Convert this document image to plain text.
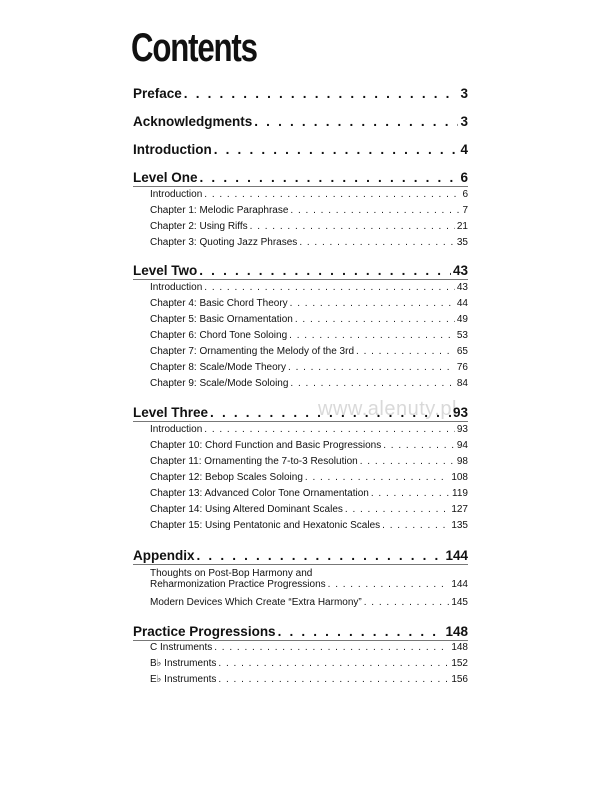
Contents
www.alenuty.pl
Preface . . .	3
Acknowledgments . . .	3
Introduction . . .	4
Level One . . .	6
Introduction . . .	6
Chapter 1: Melodic Paraphrase . . .	7
Chapter 2: Using Riffs . . .	21
Chapter 3: Quoting Jazz Phrases . . .	35
Level Two . . .	43
Introduction . . .	43
Chapter 4: Basic Chord Theory . . .	44
Chapter 5: Basic Ornamentation . . .	49
Chapter 6: Chord Tone Soloing . . .	53
Chapter 7: Ornamenting the Melody of the 3rd . . .	65
Chapter 8: Scale/Mode Theory . . .	76
Chapter 9: Scale/Mode Soloing . . .	84
Level Three . . .	93
Introduction . . .	93
Chapter 10: Chord Function and Basic Progressions . . .	94
Chapter 11: Ornamenting the 7-to-3 Resolution . . .	98
Chapter 12: Bebop Scales Soloing . . .	108
Chapter 13: Advanced Color Tone Ornamentation . . .	119
Chapter 14: Using Altered Dominant Scales . . .	127
Chapter 15: Using Pentatonic and Hexatonic Scales . . .	135
Appendix . . .	144
Thoughts on Post-Bop Harmony and
Reharmonization Practice Progressions . . .	144
Modern Devices Which Create “Extra Harmony” . . .	145
Practice Progressions . . .	148
C Instruments . . .	148
B♭ Instruments . . .	152
E♭ Instruments . . .	156
